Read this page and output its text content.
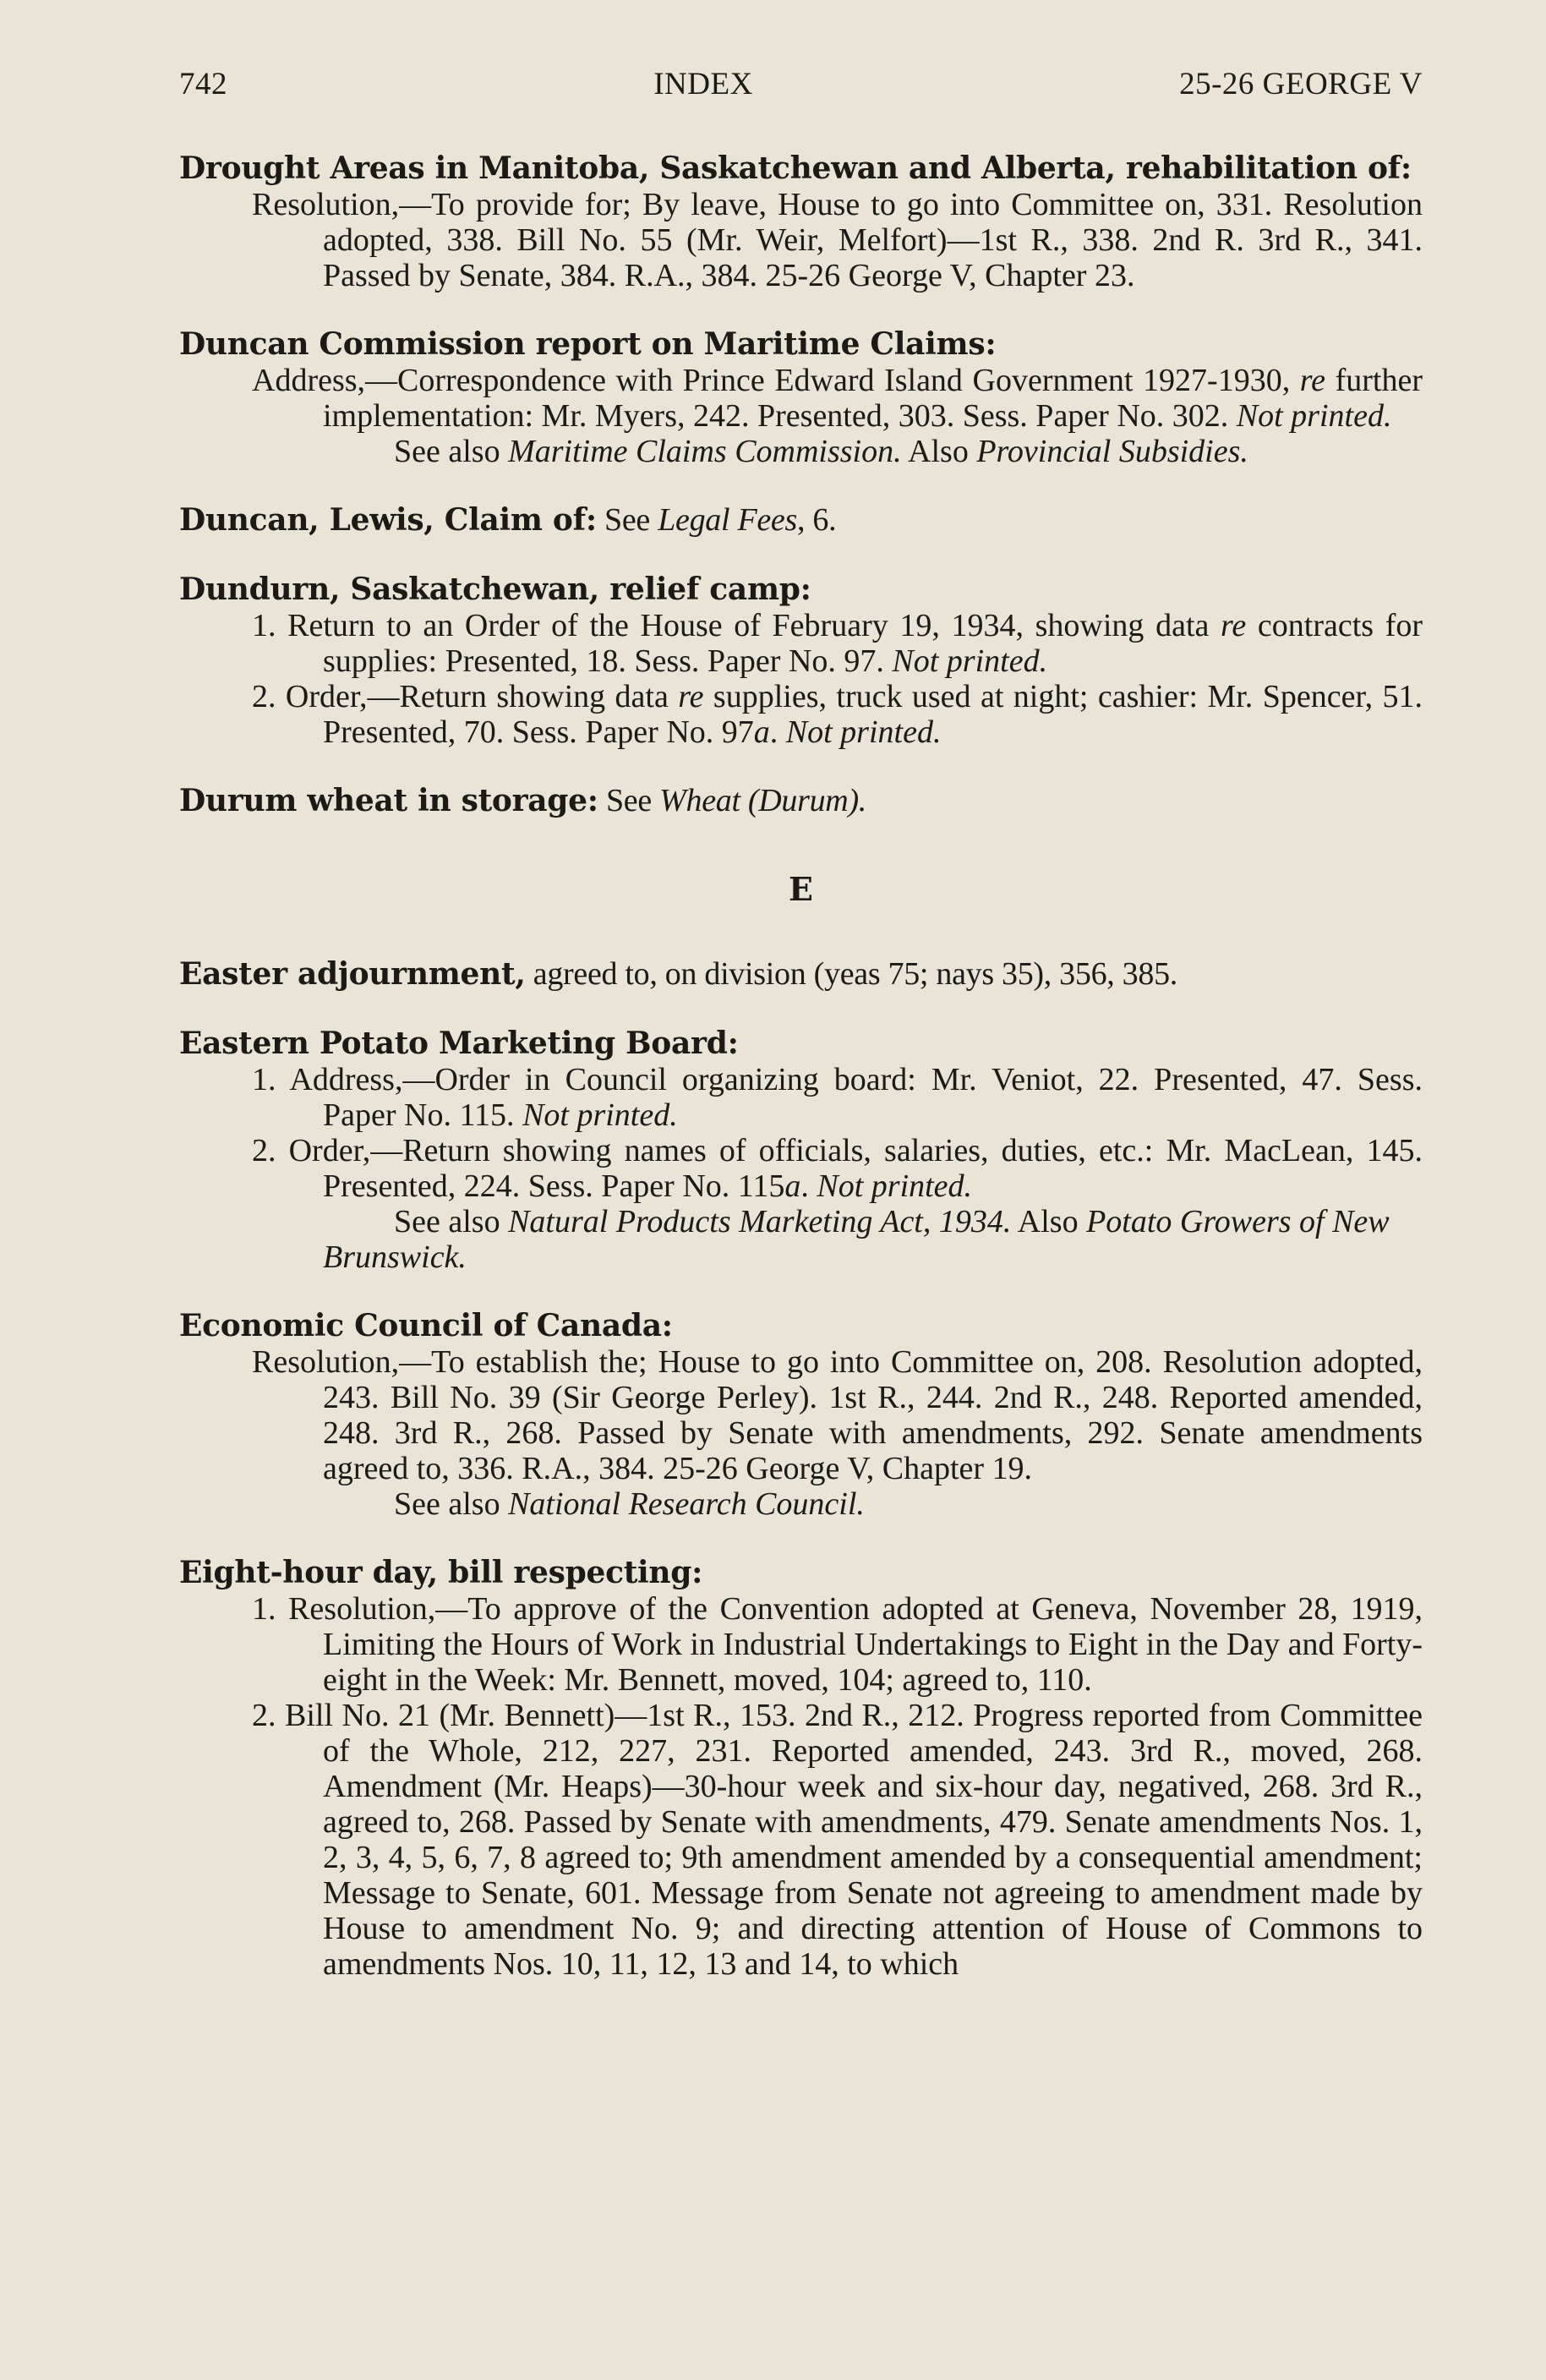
742	INDEX	25-26 GEORGE V
Drought Areas in Manitoba, Saskatchewan and Alberta, rehabilitation of:
Resolution,—To provide for; By leave, House to go into Committee on, 331. Resolution adopted, 338. Bill No. 55 (Mr. Weir, Melfort)—1st R., 338. 2nd R. 3rd R., 341. Passed by Senate, 384. R.A., 384. 25-26 George V, Chapter 23.
Duncan Commission report on Maritime Claims:
Address,—Correspondence with Prince Edward Island Government 1927-1930, re further implementation: Mr. Myers, 242. Presented, 303. Sess. Paper No. 302. Not printed.
See also Maritime Claims Commission. Also Provincial Subsidies.
Duncan, Lewis, Claim of: See Legal Fees, 6.
Dundurn, Saskatchewan, relief camp:
1. Return to an Order of the House of February 19, 1934, showing data re contracts for supplies: Presented, 18. Sess. Paper No. 97. Not printed.
2. Order,—Return showing data re supplies, truck used at night; cashier: Mr. Spencer, 51. Presented, 70. Sess. Paper No. 97a. Not printed.
Durum wheat in storage: See Wheat (Durum).
E
Easter adjournment, agreed to, on division (yeas 75; nays 35), 356, 385.
Eastern Potato Marketing Board:
1. Address,—Order in Council organizing board: Mr. Veniot, 22. Presented, 47. Sess. Paper No. 115. Not printed.
2. Order,—Return showing names of officials, salaries, duties, etc.: Mr. MacLean, 145. Presented, 224. Sess. Paper No. 115a. Not printed.
See also Natural Products Marketing Act, 1934. Also Potato Growers of New Brunswick.
Economic Council of Canada:
Resolution,—To establish the; House to go into Committee on, 208. Resolution adopted, 243. Bill No. 39 (Sir George Perley). 1st R., 244. 2nd R., 248. Reported amended, 248. 3rd R., 268. Passed by Senate with amendments, 292. Senate amendments agreed to, 336. R.A., 384. 25-26 George V, Chapter 19.
See also National Research Council.
Eight-hour day, bill respecting:
1. Resolution,—To approve of the Convention adopted at Geneva, November 28, 1919, Limiting the Hours of Work in Industrial Undertakings to Eight in the Day and Forty-eight in the Week: Mr. Bennett, moved, 104; agreed to, 110.
2. Bill No. 21 (Mr. Bennett)—1st R., 153. 2nd R., 212. Progress reported from Committee of the Whole, 212, 227, 231. Reported amended, 243. 3rd R., moved, 268. Amendment (Mr. Heaps)—30-hour week and six-hour day, negatived, 268. 3rd R., agreed to, 268. Passed by Senate with amendments, 479. Senate amendments Nos. 1, 2, 3, 4, 5, 6, 7, 8 agreed to; 9th amendment amended by a consequential amendment; Message to Senate, 601. Message from Senate not agreeing to amendment made by House to amendment No. 9; and directing attention of House of Commons to amendments Nos. 10, 11, 12, 13 and 14, to which
